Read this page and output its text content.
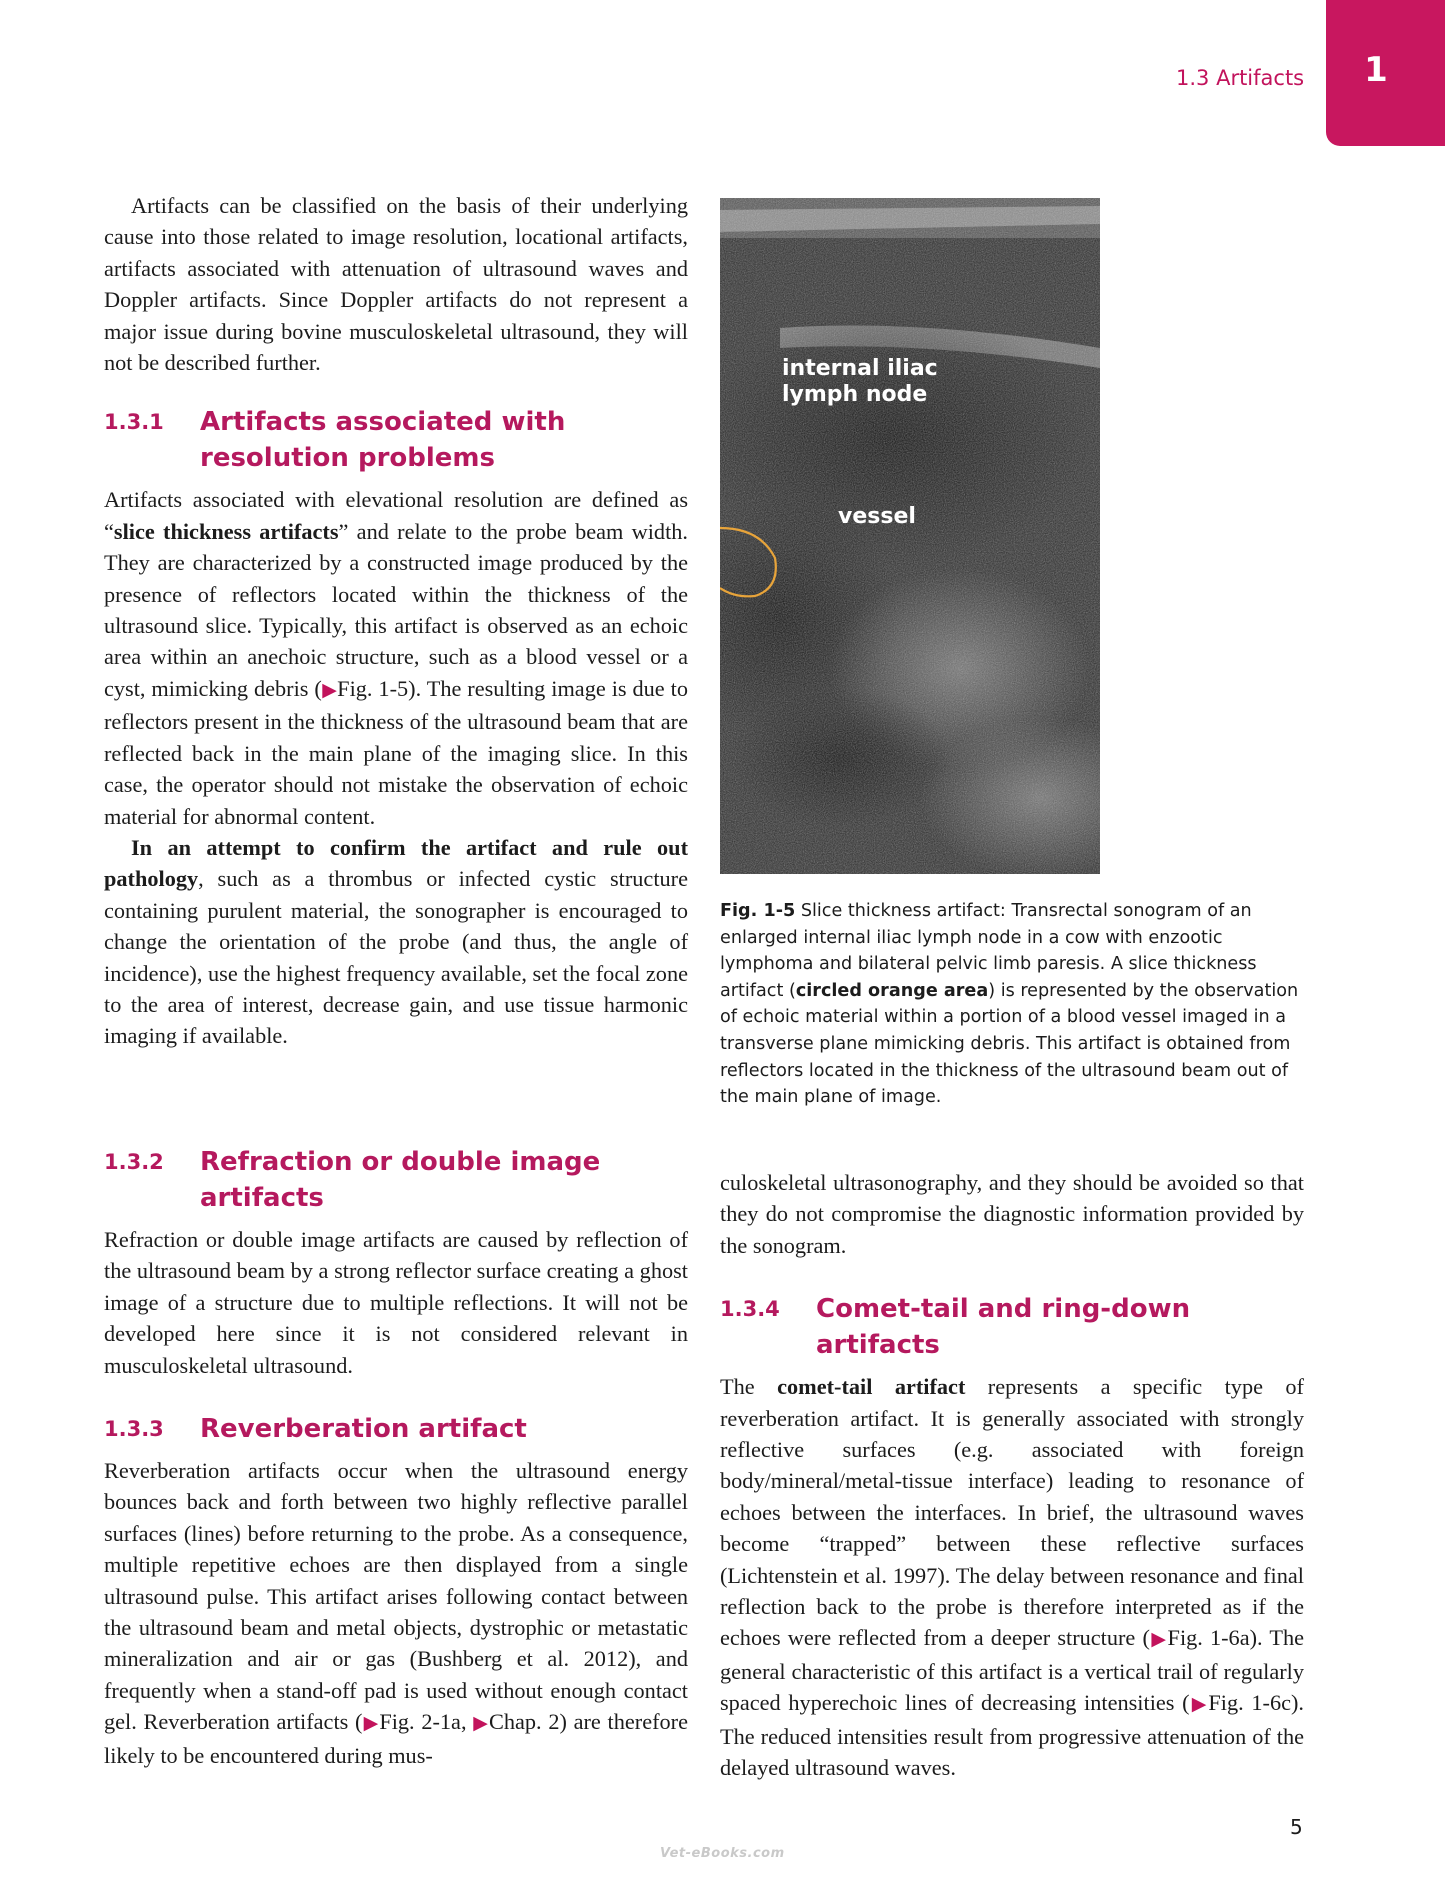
1.3 Artifacts	1

Artifacts can be classified on the basis of their underlying cause into those related to image resolution, locational artifacts, artifacts associated with attenuation of ultrasound waves and Doppler artifacts. Since Doppler artifacts do not represent a major issue during bovine musculoskeletal ultrasound, they will not be described further.

1.3.1	Artifacts associated with resolution problems

Artifacts associated with elevational resolution are defined as “slice thickness artifacts” and relate to the probe beam width. They are characterized by a constructed image produced by the presence of reflectors located within the thickness of the ultrasound slice. Typically, this artifact is observed as an echoic area within an anechoic structure, such as a blood vessel or a cyst, mimicking debris (▶Fig. 1-5). The resulting image is due to reflectors present in the thickness of the ultrasound beam that are reflected back in the main plane of the imaging slice. In this case, the operator should not mistake the observation of echoic material for abnormal content.

In an attempt to confirm the artifact and rule out pathology, such as a thrombus or infected cystic structure containing purulent material, the sonographer is encouraged to change the orientation of the probe (and thus, the angle of incidence), use the highest frequency available, set the focal zone to the area of interest, decrease gain, and use tissue harmonic imaging if available.

internal iliac lymph node
vessel
Fig. 1-5 Slice thickness artifact: Transrectal sonogram of an enlarged internal iliac lymph node in a cow with enzootic lymphoma and bilateral pelvic limb paresis. A slice thickness artifact (circled orange area) is represented by the observation of echoic material within a portion of a blood vessel imaged in a transverse plane mimicking debris. This artifact is obtained from reflectors located in the thickness of the ultrasound beam out of the main plane of image.
1.3.2	Refraction or double image artifacts

Refraction or double image artifacts are caused by reflection of the ultrasound beam by a strong reflector surface creating a ghost image of a structure due to multiple reflections. It will not be developed here since it is not considered relevant in musculoskeletal ultrasound.

1.3.3	Reverberation artifact

Reverberation artifacts occur when the ultrasound energy bounces back and forth between two highly reflective parallel surfaces (lines) before returning to the probe. As a consequence, multiple repetitive echoes are then displayed from a single ultrasound pulse. This artifact arises following contact between the ultrasound beam and metal objects, dystrophic or metastatic mineralization and air or gas (Bushberg et al. 2012), and frequently when a stand-off pad is used without enough contact gel. Reverberation artifacts (▶Fig. 2-1a, ▶Chap. 2) are therefore likely to be encountered during mus-

culoskeletal ultrasonography, and they should be avoided so that they do not compromise the diagnostic information provided by the sonogram.

1.3.4	Comet-tail and ring-down artifacts

The comet-tail artifact represents a specific type of reverberation artifact. It is generally associated with strongly reflective surfaces (e.g. associated with foreign body/mineral/metal-tissue interface) leading to resonance of echoes between the interfaces. In brief, the ultrasound waves become “trapped” between these reflective surfaces (Lichtenstein et al. 1997). The delay between resonance and final reflection back to the probe is therefore interpreted as if the echoes were reflected from a deeper structure (▶Fig. 1-6a). The general characteristic of this artifact is a vertical trail of regularly spaced hyperechoic lines of decreasing intensities (▶Fig. 1-6c). The reduced intensities result from progressive attenuation of the delayed ultrasound waves.

5
Vet-eBooks.com
